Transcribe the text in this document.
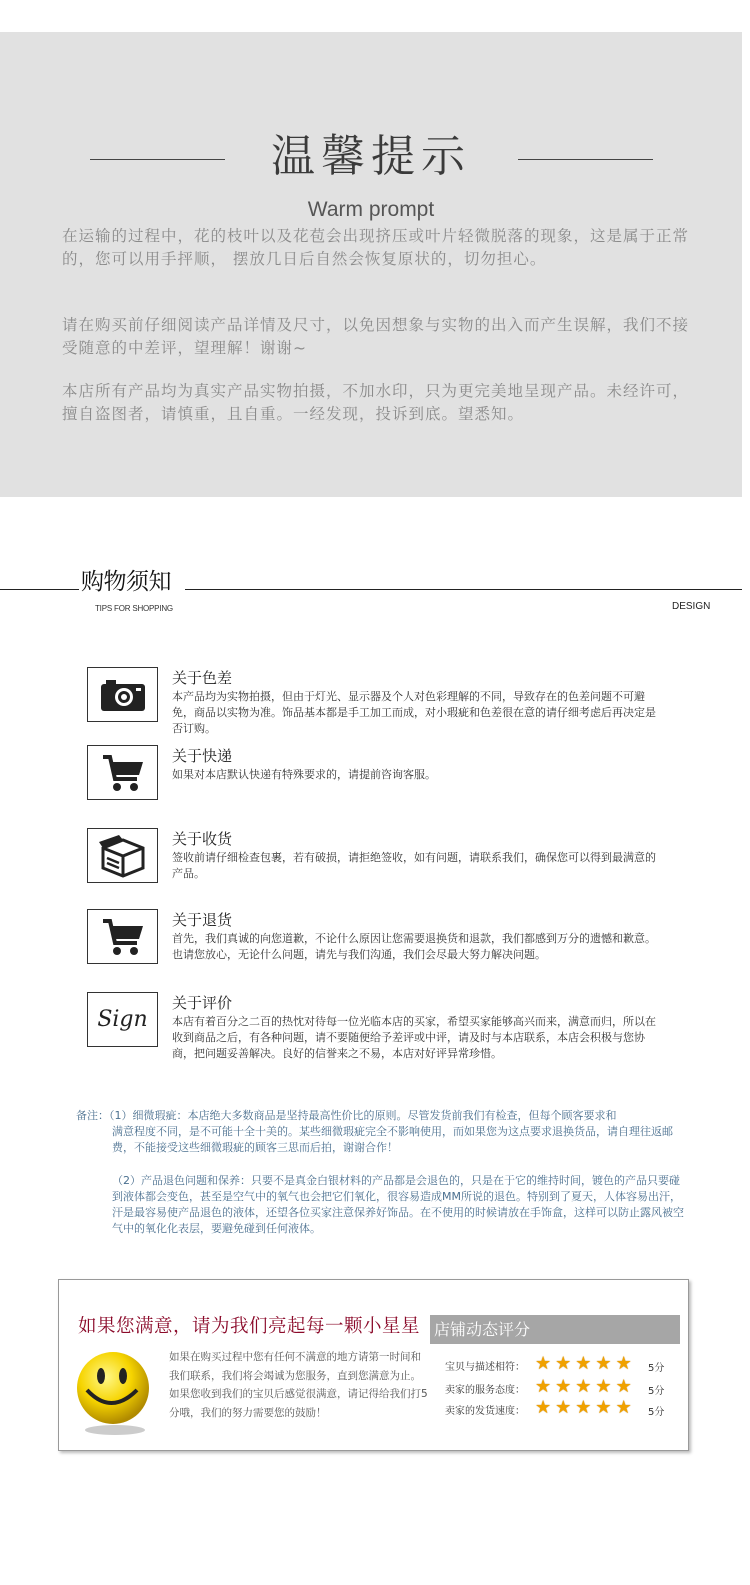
温馨提示
Warm prompt
在运输的过程中，花的枝叶以及花苞会出现挤压或叶片轻微脱落的现象，这是属于正常的，您可以用手抨顺， 摆放几日后自然会恢复原状的，切勿担心。
请在购买前仔细阅读产品详情及尺寸，以免因想象与实物的出入而产生误解，我们不接受随意的中差评，望理解！谢谢~
本店所有产品均为真实产品实物拍摄，不加水印，只为更完美地呈现产品。未经许可，擅自盗图者，请慎重，且自重。一经发现，投诉到底。望悉知。
购物须知
TIPS FOR SHOPPING	DESIGN
关于色差
本产品均为实物拍摄，但由于灯光、显示器及个人对色彩理解的不同，导致存在的色差问题不可避免，商品以实物为准。饰品基本都是手工加工而成，对小瑕疵和色差很在意的请仔细考虑后再决定是否订购。
关于快递
如果对本店默认快递有特殊要求的，请提前咨询客服。
关于收货
签收前请仔细检查包裹，若有破损，请拒绝签收，如有问题，请联系我们，确保您可以得到最满意的产品。
关于退货
首先，我们真诚的向您道歉，不论什么原因让您需要退换货和退款，我们都感到万分的遗憾和歉意。也请您放心，无论什么问题，请先与我们沟通，我们会尽最大努力解决问题。
Sign
关于评价
本店有着百分之二百的热忱对待每一位光临本店的买家，希望买家能够高兴而来，满意而归，所以在收到商品之后，有各种问题，请不要随便给予差评或中评，请及时与本店联系，本店会积极与您协商，把问题妥善解决。良好的信誉来之不易，本店对好评异常珍惜。
备注：（1）细微瑕疵：本店绝大多数商品是坚持最高性价比的原则。尽管发货前我们有检查，但每个顾客要求和
满意程度不同，是不可能十全十美的。某些细微瑕疵完全不影响使用，而如果您为这点要求退换货品，请自理往返邮费，不能接受这些细微瑕疵的顾客三思而后拍，谢谢合作！
（2）产品退色问题和保养：只要不是真金白银材料的产品都是会退色的，只是在于它的维持时间，镀色的产品只要碰到液体都会变色，甚至是空气中的氧气也会把它们氧化，很容易造成MM所说的退色。特别到了夏天，人体容易出汗，汗是最容易使产品退色的液体，还望各位买家注意保养好饰品。在不使用的时候请放在手饰盒，这样可以防止露风被空气中的氧化化表层，要避免碰到任何液体。
如果您满意，请为我们亮起每一颗小星星 店铺动态评分
如果在购买过程中您有任何不满意的地方请第一时间和我们联系，我们将会竭诚为您服务，直到您满意为止。如果您收到我们的宝贝后感觉很满意，请记得给我们打5分哦，我们的努力需要您的鼓励！
宝贝与描述相符： ★ ★ ★ ★ ★ 5分
卖家的服务态度： ★ ★ ★ ★ ★ 5分
卖家的发货速度： ★ ★ ★ ★ ★ 5分
